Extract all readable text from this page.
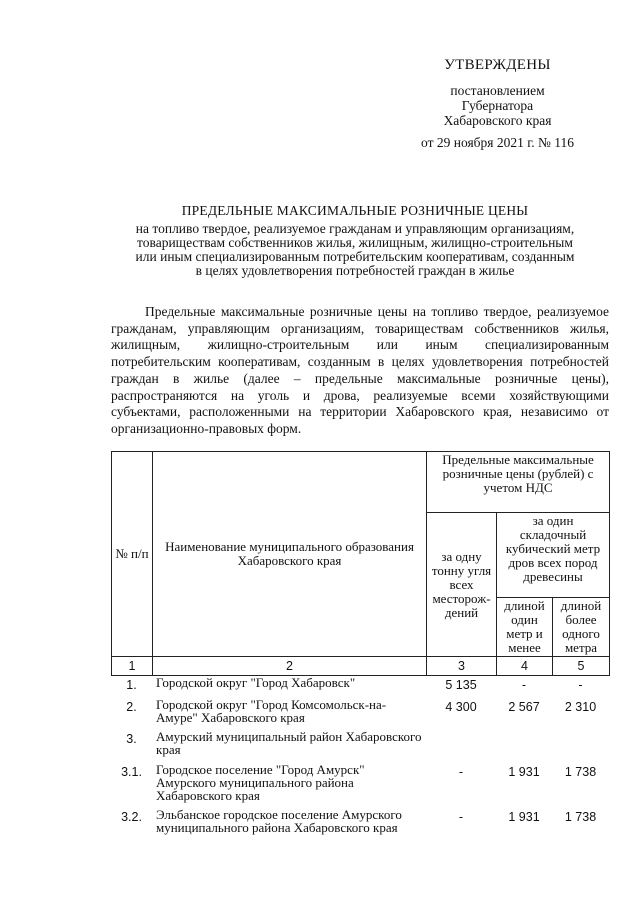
УТВЕРЖДЕНЫ
постановлением
Губернатора
Хабаровского края
от 29 ноября 2021 г. № 116
ПРЕДЕЛЬНЫЕ МАКСИМАЛЬНЫЕ РОЗНИЧНЫЕ ЦЕНЫ
на топливо твердое, реализуемое гражданам и управляющим организациям,
товариществам собственников жилья, жилищным, жилищно-строительным
или иным специализированным потребительским кооперативам, созданным
в целях удовлетворения потребностей граждан в жилье

Предельные максимальные розничные цены на топливо твердое, реализуемое гражданам, управляющим организациям, товариществам собственников жилья, жилищным, жилищно-строительным или иным специализированным потребительским кооперативам, созданным в целях удовлетворения потребностей граждан в жилье (далее – предельные максимальные розничные цены), распространяются на уголь и дрова, реализуемые всеми хозяйствующими субъектами, расположенными на территории Хабаровского края, независимо от организационно-правовых форм.

№ п/п	Наименование муниципального образования Хабаровского края	Предельные максимальные розничные цены (рублей) с учетом НДС		
		за одну тонну угля всех месторож-дений	за один складочный кубический метр дров всех пород древесины	
			длиной один метр и менее	длиной более одного метра
1	2	3	4	5
1.	Городской округ "Город Хабаровск"	5 135	-	-
2.	Городской округ "Город Комсомольск-на-Амуре" Хабаровского края	4 300	2 567	2 310
3.	Амурский муниципальный район Хабаровского края			
3.1.	Городское поселение "Город Амурск" Амурского муниципального района Хабаровского края	-	1 931	1 738
3.2.	Эльбанское городское поселение Амурского муниципального района Хабаровского края	-	1 931	1 738
